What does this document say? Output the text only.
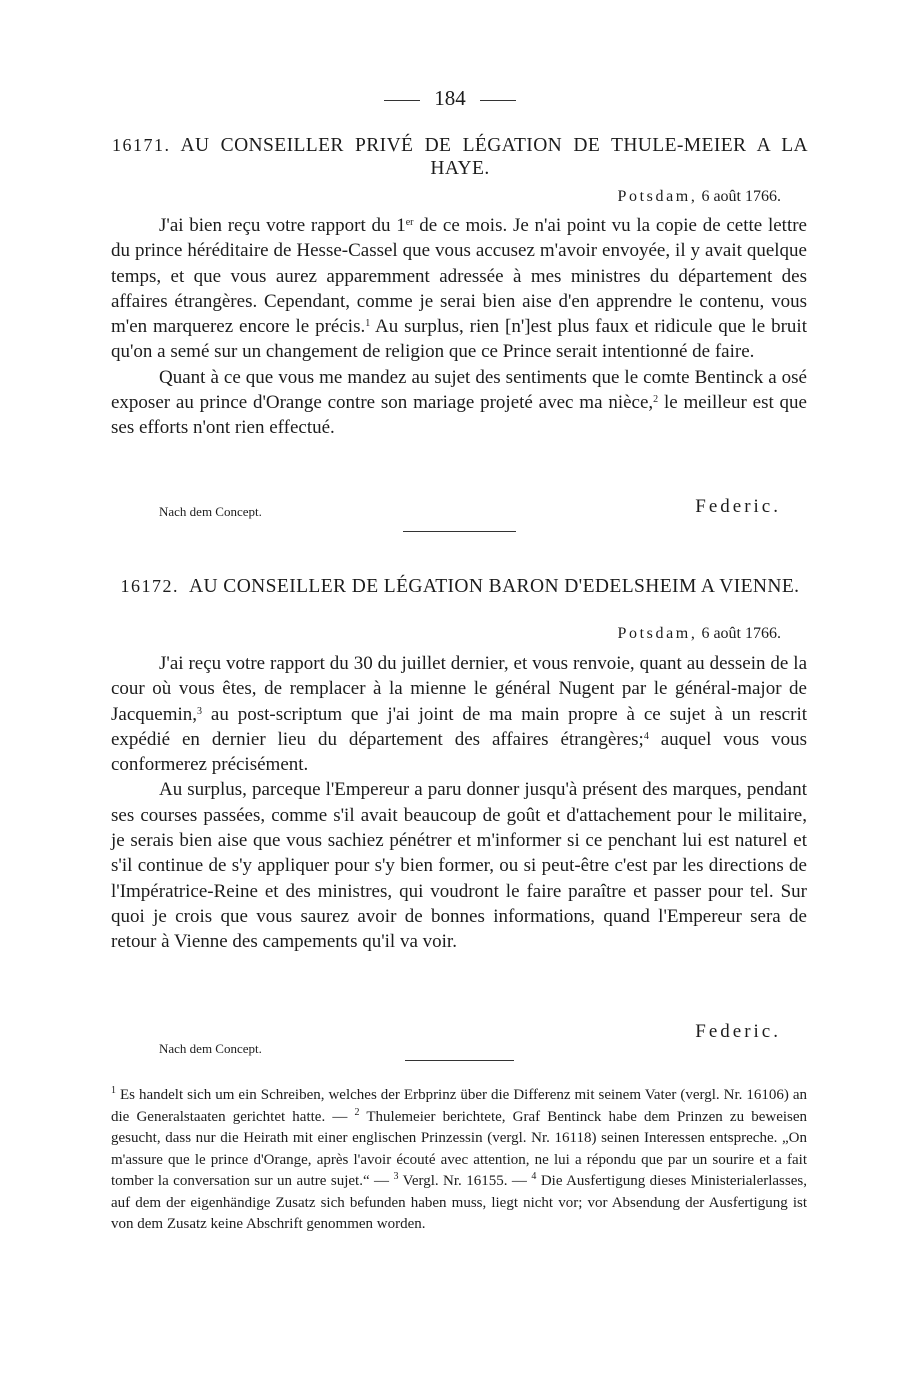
184
16171. AU CONSEILLER PRIVÉ DE LÉGATION DE THULE-MEIER A LA HAYE.
Potsdam, 6 août 1766.

J'ai bien reçu votre rapport du 1er de ce mois. Je n'ai point vu la copie de cette lettre du prince héréditaire de Hesse-Cassel que vous accusez m'avoir envoyée, il y avait quelque temps, et que vous aurez apparemment adressée à mes ministres du département des affaires étrangères. Cependant, comme je serai bien aise d'en apprendre le contenu, vous m'en marquerez encore le précis.$^1$ Au surplus, rien [n']est plus faux et ridicule que le bruit qu'on a semé sur un changement de religion que ce Prince serait intentionné de faire.

Quant à ce que vous me mandez au sujet des sentiments que le comte Bentinck a osé exposer au prince d'Orange contre son mariage projeté avec ma nièce,$^2$ le meilleur est que ses efforts n'ont rien effectué.

Nach dem Concept.	Federic.
16172. AU CONSEILLER DE LÉGATION BARON D'EDELSHEIM A VIENNE.
Potsdam, 6 août 1766.

J'ai reçu votre rapport du 30 du juillet dernier, et vous renvoie, quant au dessein de la cour où vous êtes, de remplacer à la mienne le général Nugent par le général-major de Jacquemin,$^3$ au post-scriptum que j'ai joint de ma main propre à ce sujet à un rescrit expédié en dernier lieu du département des affaires étrangères;$^4$ auquel vous vous conformerez précisément.

Au surplus, parceque l'Empereur a paru donner jusqu'à présent des marques, pendant ses courses passées, comme s'il avait beaucoup de goût et d'attachement pour le militaire, je serais bien aise que vous sachiez pénétrer et m'informer si ce penchant lui est naturel et s'il continue de s'y appliquer pour s'y bien former, ou si peut-être c'est par les directions de l'Impératrice-Reine et des ministres, qui voudront le faire paraître et passer pour tel. Sur quoi je crois que vous saurez avoir de bonnes informations, quand l'Empereur sera de retour à Vienne des campements qu'il va voir.

Nach dem Concept.
Federic.
$^1$ Es handelt sich um ein Schreiben, welches der Erbprinz über die Differenz mit seinem Vater (vergl. Nr. 16106) an die Generalstaaten gerichtet hatte. — $^2$ Thulemeier berichtete, Graf Bentinck habe dem Prinzen zu beweisen gesucht, dass nur die Heirath mit einer englischen Prinzessin (vergl. Nr. 16118) seinen Interessen entspreche. „On m'assure que le prince d'Orange, après l'avoir écouté avec attention, ne lui a répondu que par un sourire et a fait tomber la conversation sur un autre sujet.“ — $^3$ Vergl. Nr. 16155. — $^4$ Die Ausfertigung dieses Ministerialerlasses, auf dem der eigenhändige Zusatz sich befunden haben muss, liegt nicht vor; vor Absendung der Ausfertigung ist von dem Zusatz keine Abschrift genommen worden.
